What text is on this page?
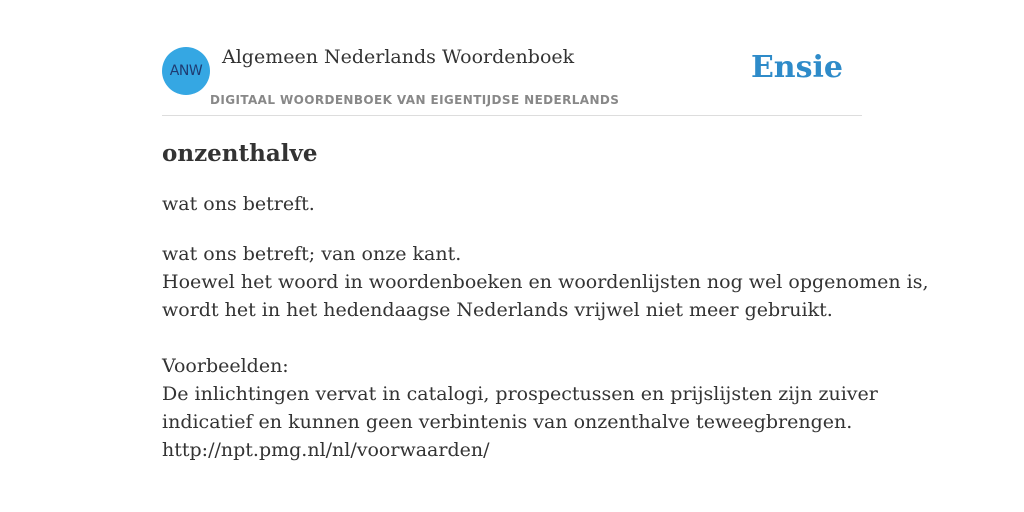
ANW
Algemeen Nederlands Woordenboek
DIGITAAL WOORDENBOEK VAN EIGENTIJDSE NEDERLANDS
Ensie
onzenthalve

wat ons betreft.

wat ons betreft; van onze kant.
Hoewel het woord in woordenboeken en woordenlijsten nog wel opgenomen is,
wordt het in het hedendaagse Nederlands vrijwel niet meer gebruikt.
Voorbeelden:
De inlichtingen vervat in catalogi, prospectussen en prijslijsten zijn zuiver
indicatief en kunnen geen verbintenis van onzenthalve teweegbrengen.
http://npt.pmg.nl/nl/voorwaarden/
